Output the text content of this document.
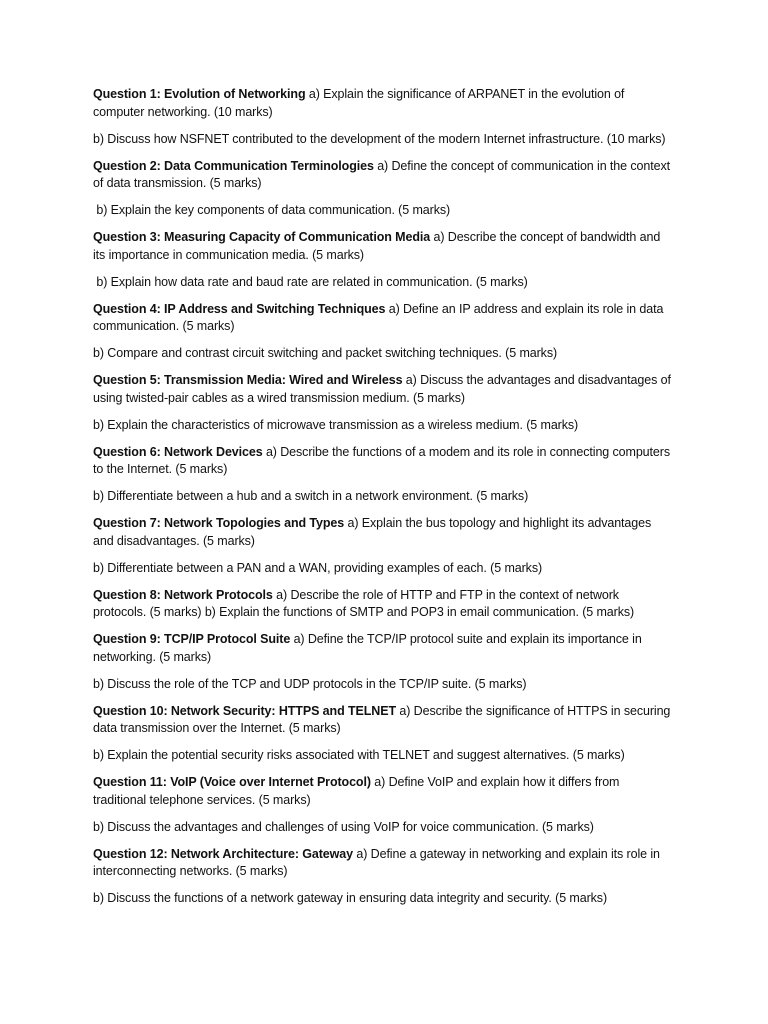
Question 1: Evolution of Networking a) Explain the significance of ARPANET in the evolution of computer networking. (10 marks)

b) Discuss how NSFNET contributed to the development of the modern Internet infrastructure. (10 marks)

Question 2: Data Communication Terminologies a) Define the concept of communication in the context of data transmission. (5 marks)

b) Explain the key components of data communication. (5 marks)

Question 3: Measuring Capacity of Communication Media a) Describe the concept of bandwidth and its importance in communication media. (5 marks)

b) Explain how data rate and baud rate are related in communication. (5 marks)

Question 4: IP Address and Switching Techniques a) Define an IP address and explain its role in data communication. (5 marks)

b) Compare and contrast circuit switching and packet switching techniques. (5 marks)

Question 5: Transmission Media: Wired and Wireless a) Discuss the advantages and disadvantages of using twisted-pair cables as a wired transmission medium. (5 marks)

b) Explain the characteristics of microwave transmission as a wireless medium. (5 marks)

Question 6: Network Devices a) Describe the functions of a modem and its role in connecting computers to the Internet. (5 marks)

b) Differentiate between a hub and a switch in a network environment. (5 marks)

Question 7: Network Topologies and Types a) Explain the bus topology and highlight its advantages and disadvantages. (5 marks)

b) Differentiate between a PAN and a WAN, providing examples of each. (5 marks)

Question 8: Network Protocols a) Describe the role of HTTP and FTP in the context of network protocols. (5 marks) b) Explain the functions of SMTP and POP3 in email communication. (5 marks)

Question 9: TCP/IP Protocol Suite a) Define the TCP/IP protocol suite and explain its importance in networking. (5 marks)

b) Discuss the role of the TCP and UDP protocols in the TCP/IP suite. (5 marks)

Question 10: Network Security: HTTPS and TELNET a) Describe the significance of HTTPS in securing data transmission over the Internet. (5 marks)

b) Explain the potential security risks associated with TELNET and suggest alternatives. (5 marks)

Question 11: VoIP (Voice over Internet Protocol) a) Define VoIP and explain how it differs from traditional telephone services. (5 marks)

b) Discuss the advantages and challenges of using VoIP for voice communication. (5 marks)

Question 12: Network Architecture: Gateway a) Define a gateway in networking and explain its role in interconnecting networks. (5 marks)

b) Discuss the functions of a network gateway in ensuring data integrity and security. (5 marks)
